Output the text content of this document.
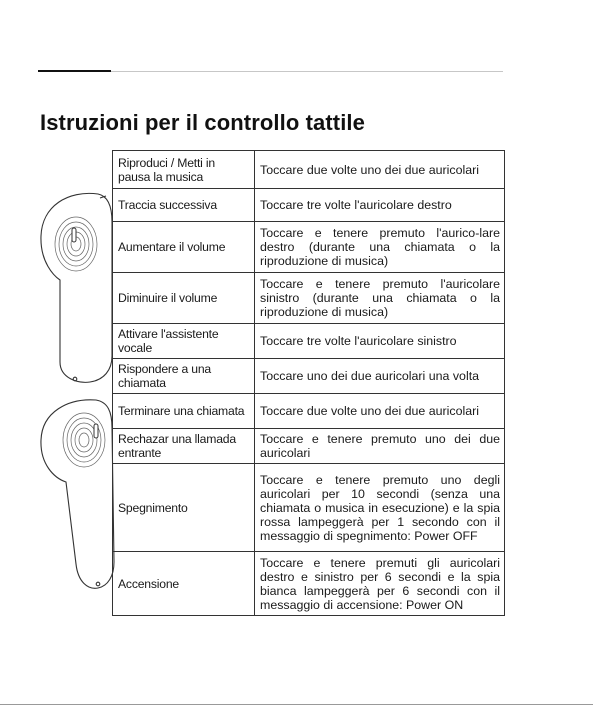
Istruzioni per il controllo tattile
Riproduci / Metti in pausa la musica	Toccare due volte uno dei due auricolari
Traccia successiva	Toccare tre volte l'auricolare destro
Aumentare il volume	Toccare e tenere premuto l'aurico-lare destro (durante una chiamata o la riproduzione di musica)
Diminuire il volume	Toccare e tenere premuto l'auricolare sinistro (durante una chiamata o la riproduzione di musica)
Attivare l'assistente vocale	Toccare tre volte l'auricolare sinistro
Rispondere a una chiamata	Toccare uno dei due auricolari una volta
Terminare una chiamata	Toccare due volte uno dei due auricolari
Rechazar una llamada entrante	Toccare e tenere premuto uno dei due auricolari
Spegnimento	Toccare e tenere premuto uno degli auricolari per 10 secondi (senza una chiamata o musica in esecuzione) e la spia rossa lampeggerà per 1 secondo con il messaggio di spegnimento: Power OFF
Accensione	Toccare e tenere premuti gli auricolari destro e sinistro per 6 secondi e la spia bianca lampeggerà per 6 secondi con il messaggio di accensione: Power ON
